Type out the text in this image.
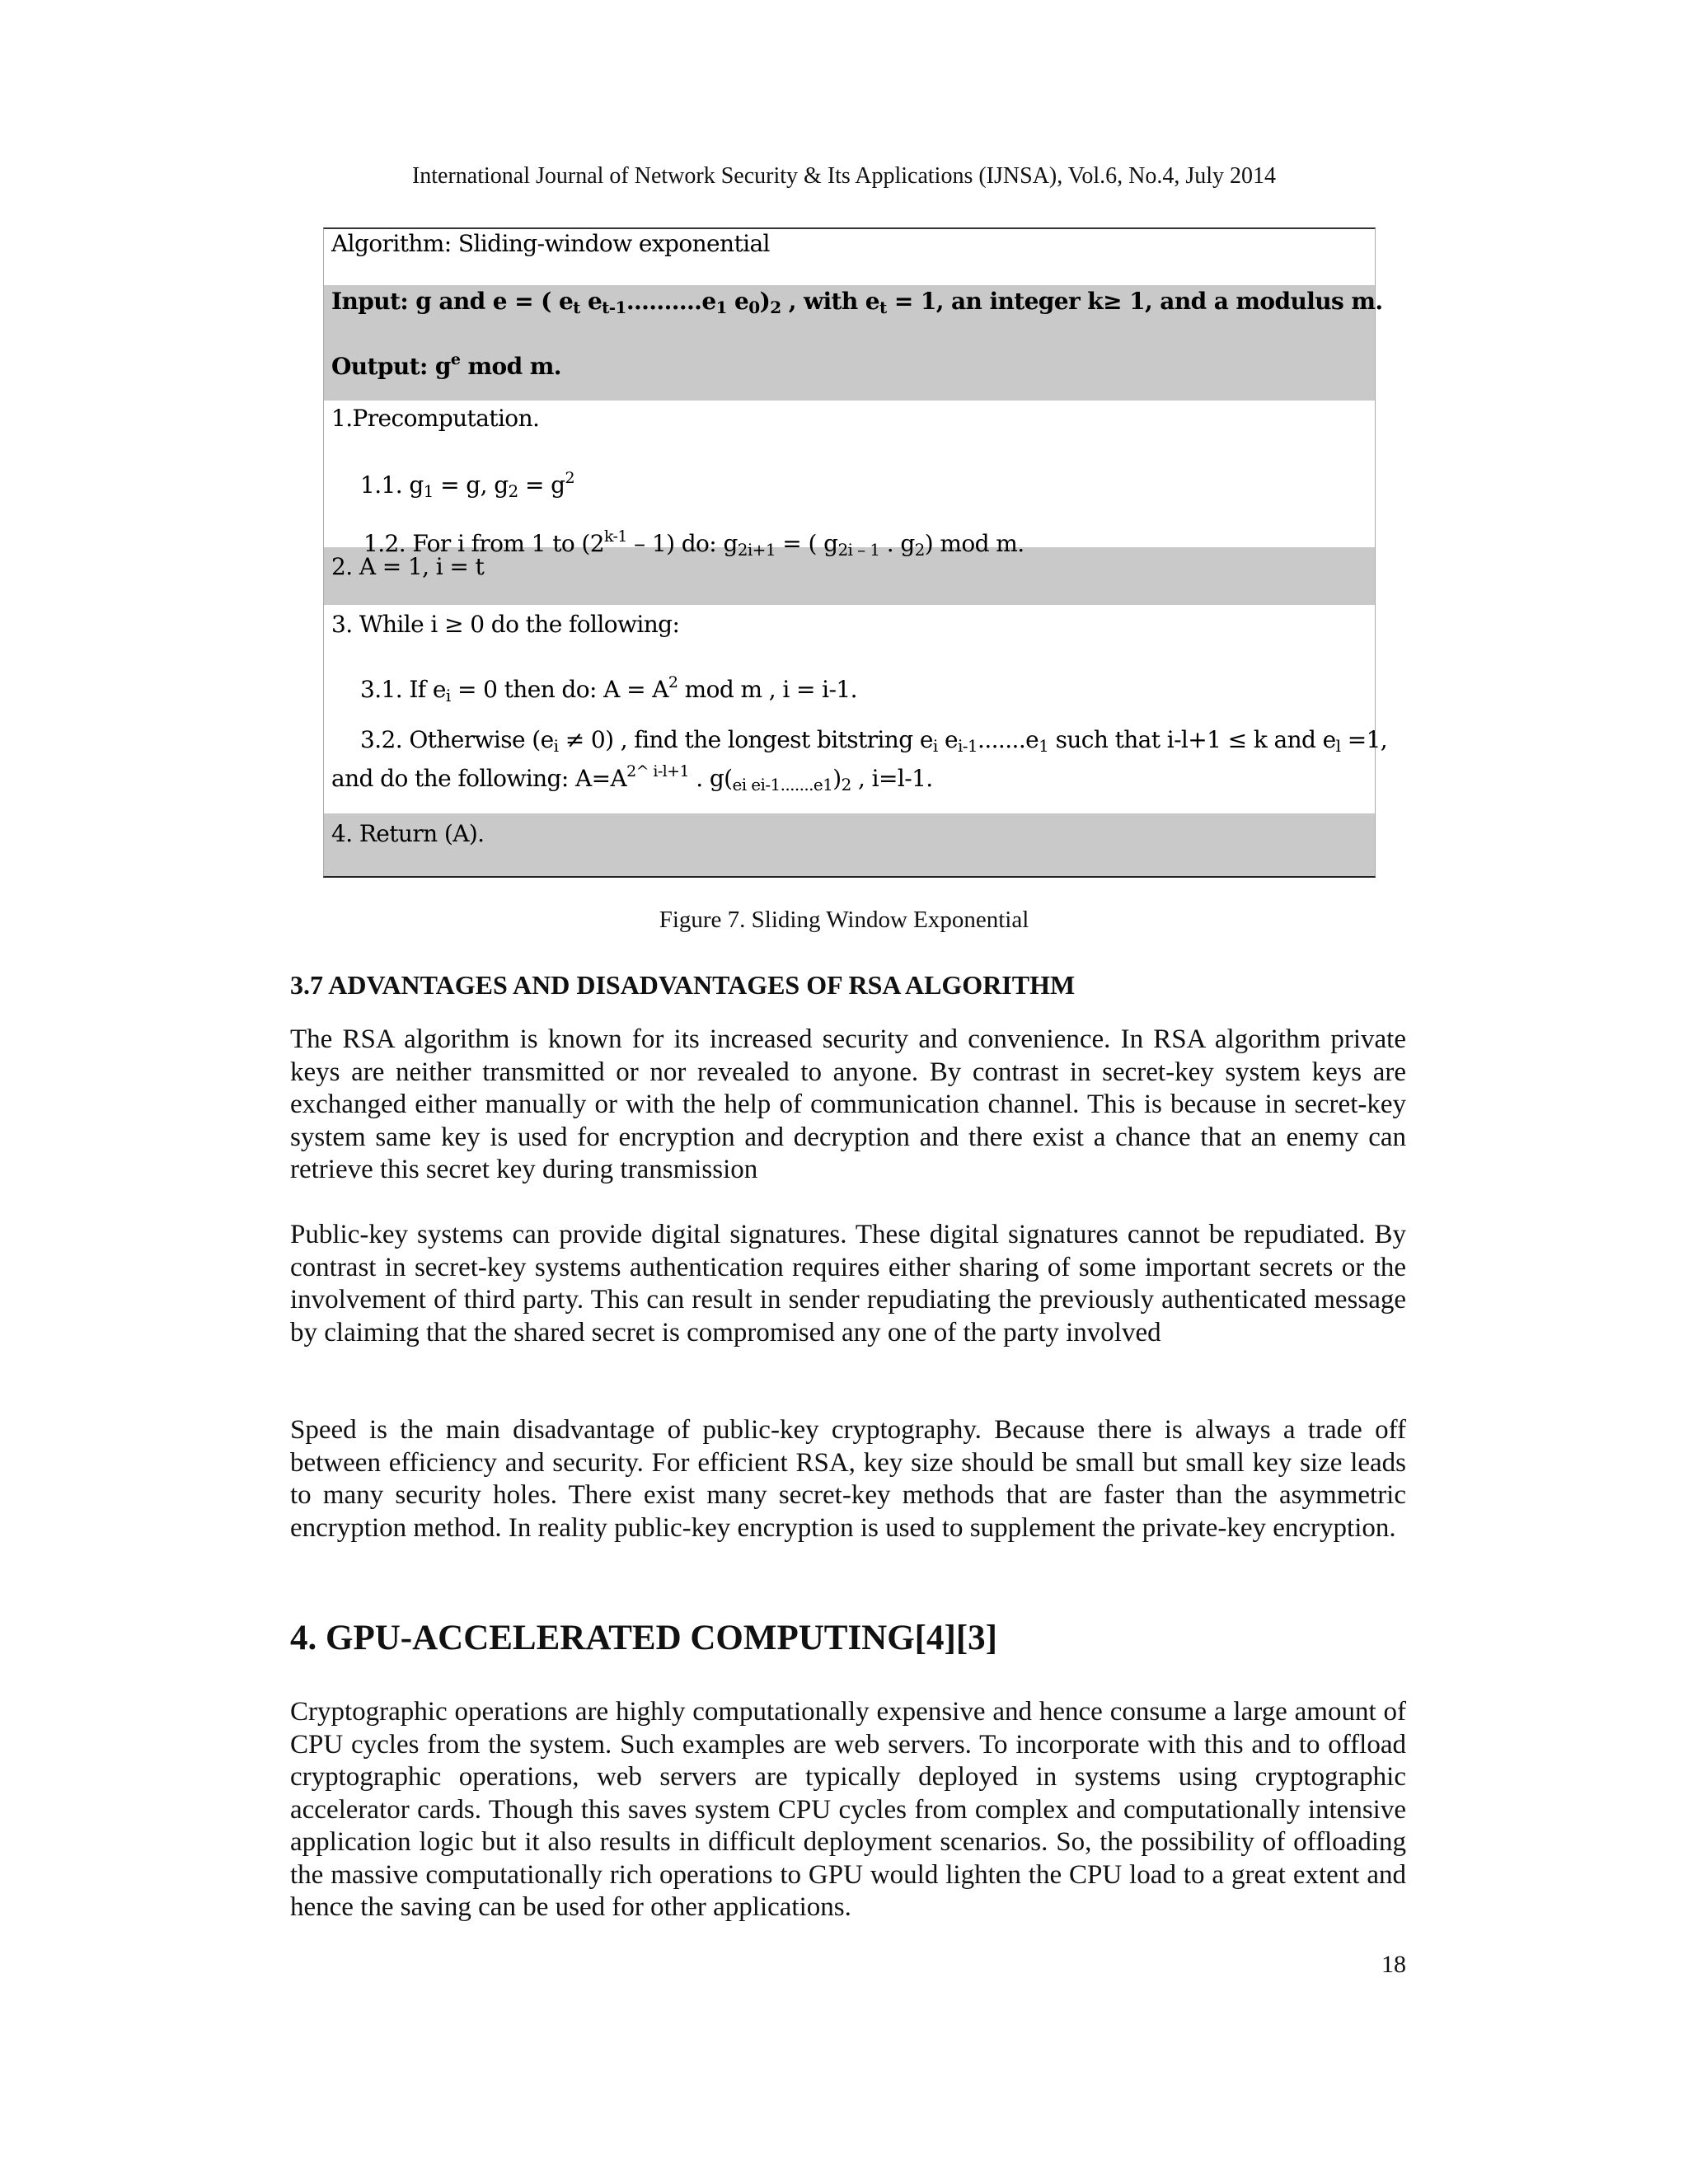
International Journal of Network Security & Its Applications (IJNSA), Vol.6, No.4, July 2014
Algorithm: Sliding-window exponential
Input: g and e = ( $e_t$ $e_{t-1}..........e_1$ $e_0)_2$ , with $e_t = 1$, an integer k≥ 1, and a modulus m.
Output: $g^e$ mod m.
1.Precomputation.
1.1. $g_1 = g$, $g_2 = g^2$
1.2. For i from 1 to (2$^{k-1}$ – 1) do: $g_{2i+1}$ = ( $g_{2i - 1}$ . $g_2$) mod m.
2. A = 1, i = t
3. While i ≥ 0 do the following:
3.1. If $e_i = 0$ then do: $A = A^2$ mod m , i = i-1.
3.2. Otherwise $(e_i \ne 0)$ , find the longest bitstring $e_i$ $e_{i-1}.......e_1$ such that i-l+1 ≤ k and $e_l =1$,
and do the following: $A=A^{2\^{} i-l+1}$ . $g(_{ei ei-1.......e1})_2$ , i=l-1.
4. Return (A).
Figure 7. Sliding Window Exponential
3.7 ADVANTAGES AND DISADVANTAGES OF RSA ALGORITHM

The RSA algorithm is known for its increased security and convenience. In RSA algorithm private keys are neither transmitted or nor revealed to anyone. By contrast in secret-key system keys are exchanged either manually or with the help of communication channel. This is because in secret-key system same key is used for encryption and decryption and there exist a chance that an enemy can retrieve this secret key during transmission

Public-key systems can provide digital signatures. These digital signatures cannot be repudiated. By contrast in secret-key systems authentication requires either sharing of some important secrets or the involvement of third party. This can result in sender repudiating the previously authenticated message by claiming that the shared secret is compromised any one of the party involved

Speed is the main disadvantage of public-key cryptography. Because there is always a trade off between efficiency and security. For efficient RSA, key size should be small but small key size leads to many security holes. There exist many secret-key methods that are faster than the asymmetric encryption method. In reality public-key encryption is used to supplement the private-key encryption.

4. GPU-ACCELERATED COMPUTING[4][3]

Cryptographic operations are highly computationally expensive and hence consume a large amount of CPU cycles from the system. Such examples are web servers. To incorporate with this and to offload cryptographic operations, web servers are typically deployed in systems using cryptographic accelerator cards. Though this saves system CPU cycles from complex and computationally intensive application logic but it also results in difficult deployment scenarios. So, the possibility of offloading the massive computationally rich operations to GPU would lighten the CPU load to a great extent and hence the saving can be used for other applications.

18
